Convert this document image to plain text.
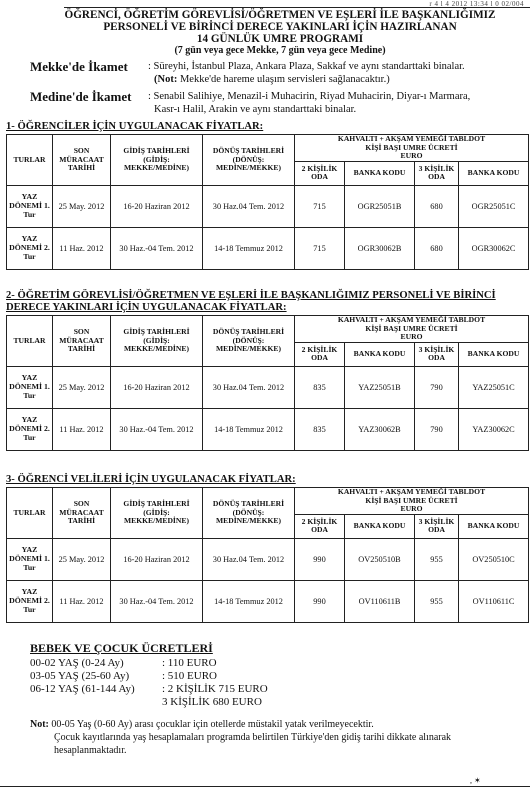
r 4 l 4 2012 13:34 l 0 02/004
ÖĞRENCİ, ÖĞRETİM GÖREVLİSİ/ÖĞRETMEN VE EŞLERİ İLE BAŞKANLIĞIMIZ
PERSONELİ VE BİRİNCİ DERECE YAKINLARI İÇİN HAZIRLANAN
14 GÜNLÜK UMRE PROGRAMI
(7 gün veya gece Mekke, 7 gün veya gece Medine)
Mekke'de İkamet : Süreyhi, İstanbul Plaza, Ankara Plaza, Sakkaf ve aynı standarttaki binalar.
(Not: Mekke'de hareme ulaşım servisleri sağlanacaktır.)
Medine'de İkamet : Senabil Salihiye, Menazil-i Muhacirin, Riyad Muhacirin, Diyar-ı Marmara,
Kasr-ı Halil, Arakin ve aynı standarttaki binalar.
1- ÖĞRENCİLER İÇİN UYGULANACAK FİYATLAR:
TURLAR	SON MÜRACAAT TARİHİ	GİDİŞ TARİHLERİ (GİDİŞ: MEKKE/MEDİNE)	DÖNÜŞ TARİHLERİ (DÖNÜŞ: MEDİNE/MEKKE)	KAHVALTI + AKŞAM YEMEĞİ TABLDOT
KİŞİ BAŞI UMRE ÜCRETİ
EURO			

				2 KİŞİLİK ODA	BANKA KODU	3 KİŞİLİK ODA	BANKA KODU
YAZ DÖNEMİ 1. Tur	25 May. 2012	16-20 Haziran 2012	30 Haz.04 Tem. 2012	715	OGR25051B	680	OGR25051C
YAZ DÖNEMİ 2. Tur	11 Haz. 2012	30 Haz.-04 Tem. 2012	14-18 Temmuz 2012	715	OGR30062B	680	OGR30062C
2- ÖĞRETİM GÖREVLİSİ/ÖĞRETMEN VE EŞLERİ İLE BAŞKANLIĞIMIZ PERSONELİ VE BİRİNCİ DERECE YAKINLARI İÇİN UYGULANACAK FİYATLAR:
TURLAR	SON MÜRACAAT TARİHİ	GİDİŞ TARİHLERİ (GİDİŞ: MEKKE/MEDİNE)	DÖNÜŞ TARİHLERİ (DÖNÜŞ: MEDİNE/MEKKE)	KAHVALTI + AKŞAM YEMEĞİ TABLDOT
KİŞİ BAŞI UMRE ÜCRETİ
EURO			

				2 KİŞİLİK ODA	BANKA KODU	3 KİŞİLİK ODA	BANKA KODU
YAZ DÖNEMİ 1. Tur	25 May. 2012	16-20 Haziran 2012	30 Haz.04 Tem. 2012	835	YAZ25051B	790	YAZ25051C
YAZ DÖNEMİ 2. Tur	11 Haz. 2012	30 Haz.-04 Tem. 2012	14-18 Temmuz 2012	835	YAZ30062B	790	YAZ30062C
3- ÖĞRENCİ VELİLERİ İÇİN UYGULANACAK FİYATLAR:
TURLAR	SON MÜRACAAT TARİHİ	GİDİŞ TARİHLERİ (GİDİŞ: MEKKE/MEDİNE)	DÖNÜŞ TARİHLERİ (DÖNÜŞ: MEDİNE/MEKKE)	KAHVALTI + AKŞAM YEMEĞİ TABLDOT
KİŞİ BAŞI UMRE ÜCRETİ
EURO			

				2 KİŞİLİK ODA	BANKA KODU	3 KİŞİLİK ODA	BANKA KODU
YAZ DÖNEMİ 1. Tur	25 May. 2012	16-20 Haziran 2012	30 Haz.04 Tem. 2012	990	OV250510B	955	OV250510C
YAZ DÖNEMİ 2. Tur	11 Haz. 2012	30 Haz.-04 Tem. 2012	14-18 Temmuz 2012	990	OV110611B	955	OV110611C
BEBEK VE ÇOCUK ÜCRETLERİ
00-02 YAŞ (0-24 Ay)	: 110 EURO
03-05 YAŞ (25-60 Ay)	: 510 EURO
06-12 YAŞ (61-144 Ay)	: 2 KİŞİLİK 715 EURO
3 KİŞİLİK 680 EURO
Not: 00-05 Yaş (0-60 Ay) arası çocuklar için otellerde müstakil yatak verilmeyecektir.
Çocuk kayıtlarında yaş hesaplamaları programda belirtilen Türkiye'den gidiş tarihi dikkate alınarak
hesaplanmaktadır.
, ✶
